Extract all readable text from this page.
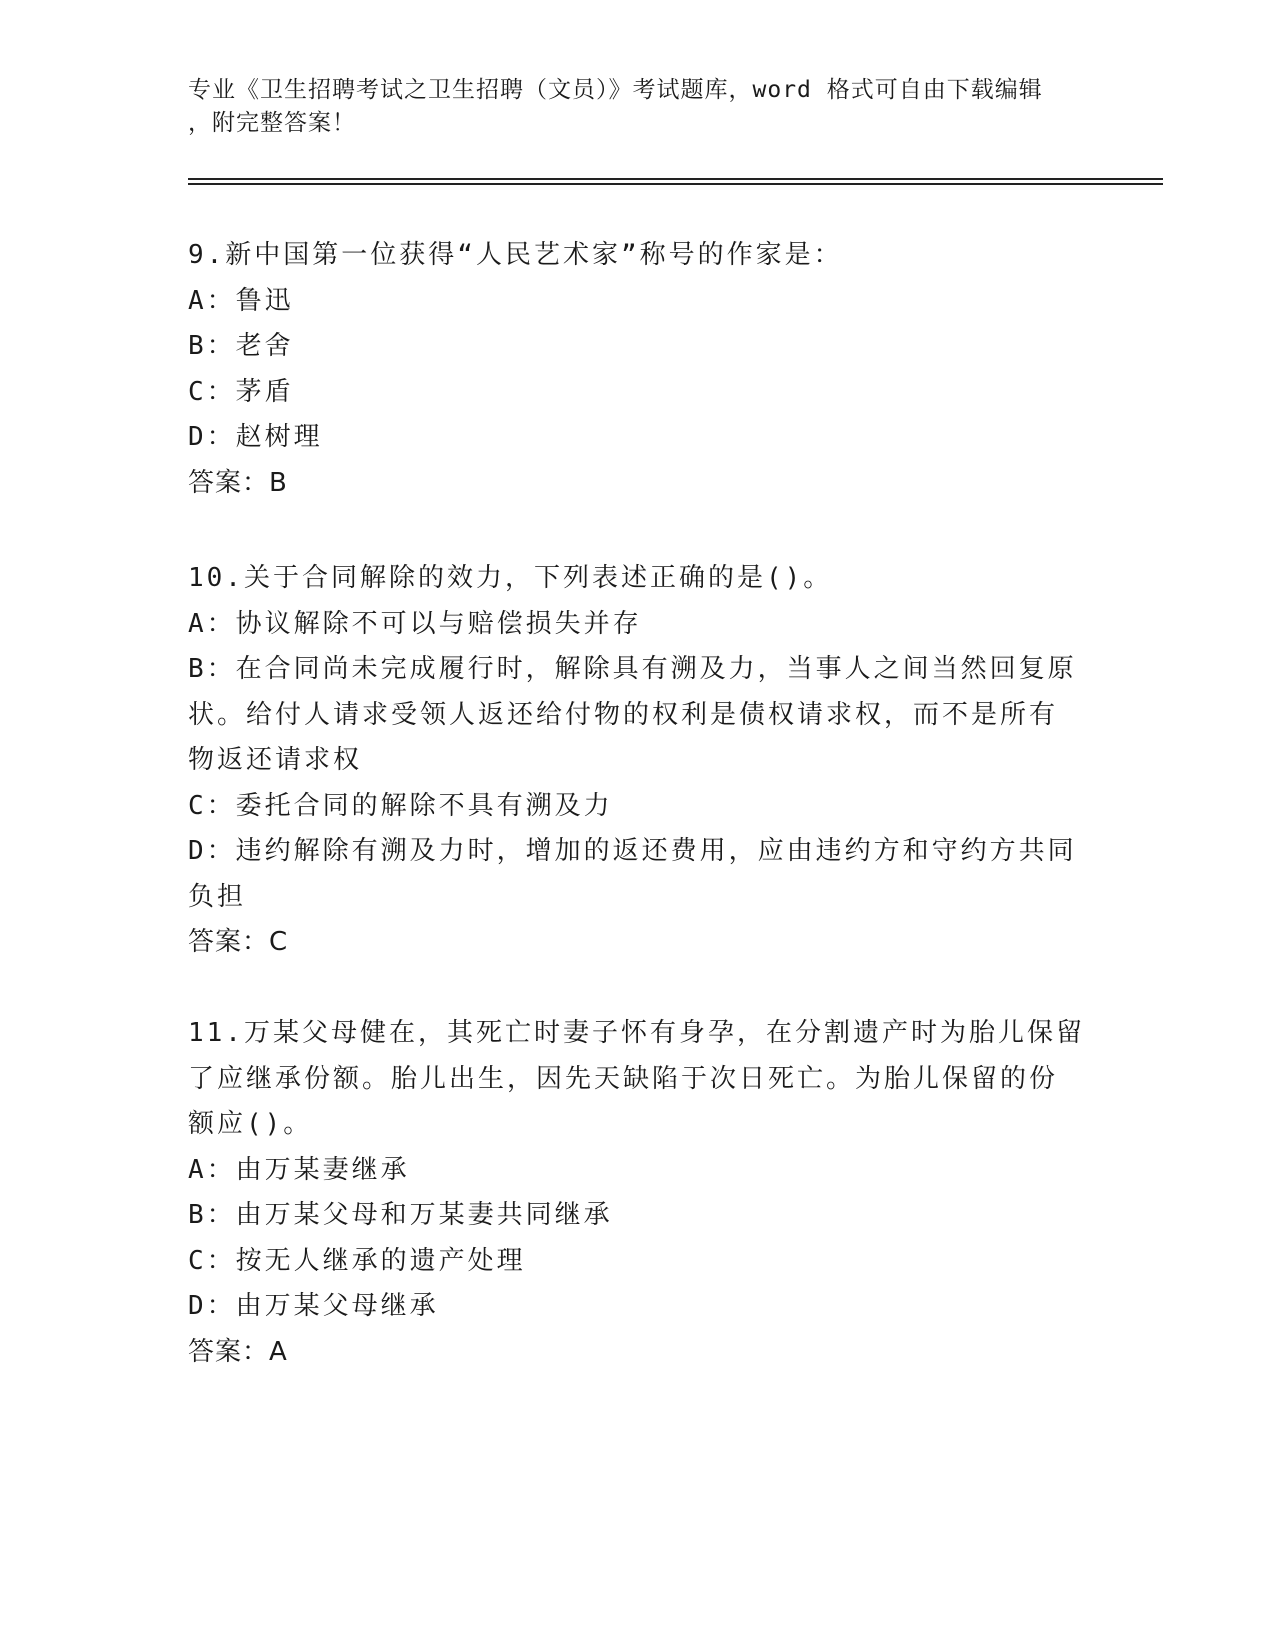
专业《卫生招聘考试之卫生招聘（文员）》考试题库，word 格式可自由下载编辑
，附完整答案！
9.新中国第一位获得“人民艺术家”称号的作家是：
A：鲁迅
B：老舍
C：茅盾
D：赵树理
答案：B
10.关于合同解除的效力，下列表述正确的是()。
A：协议解除不可以与赔偿损失并存
B：在合同尚未完成履行时，解除具有溯及力，当事人之间当然回复原
状。给付人请求受领人返还给付物的权利是债权请求权，而不是所有
物返还请求权
C：委托合同的解除不具有溯及力
D：违约解除有溯及力时，增加的返还费用，应由违约方和守约方共同
负担
答案：C
11.万某父母健在，其死亡时妻子怀有身孕，在分割遗产时为胎儿保留
了应继承份额。胎儿出生，因先天缺陷于次日死亡。为胎儿保留的份
额应()。
A：由万某妻继承
B：由万某父母和万某妻共同继承
C：按无人继承的遗产处理
D：由万某父母继承
答案：A
